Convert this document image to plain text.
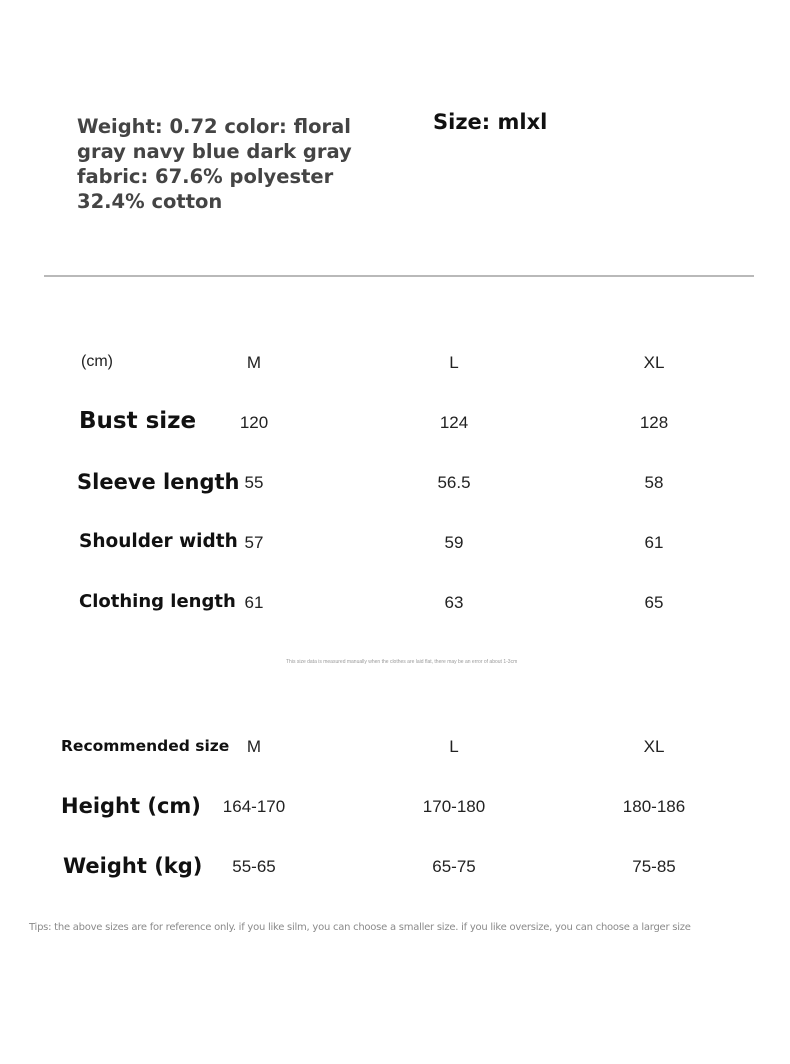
Weight: 0.72 color: floral gray navy blue dark gray fabric: 67.6% polyester 32.4% cotton
Size: mlxl
(cm)	M	L	XL
Bust size	120	124	128
Sleeve length 55	56.5	58
Shoulder width 57	59	61
Clothing length 61	63	65
This size data is measured manually when the clothes are laid flat, there may be an error of about 1-3cm
Recommended size M	L	XL
Height (cm) 164-170	170-180	180-186
Weight (kg) 55-65	65-75	75-85
Tips: the above sizes are for reference only. if you like silm, you can choose a smaller size. if you like oversize, you can choose a larger size
